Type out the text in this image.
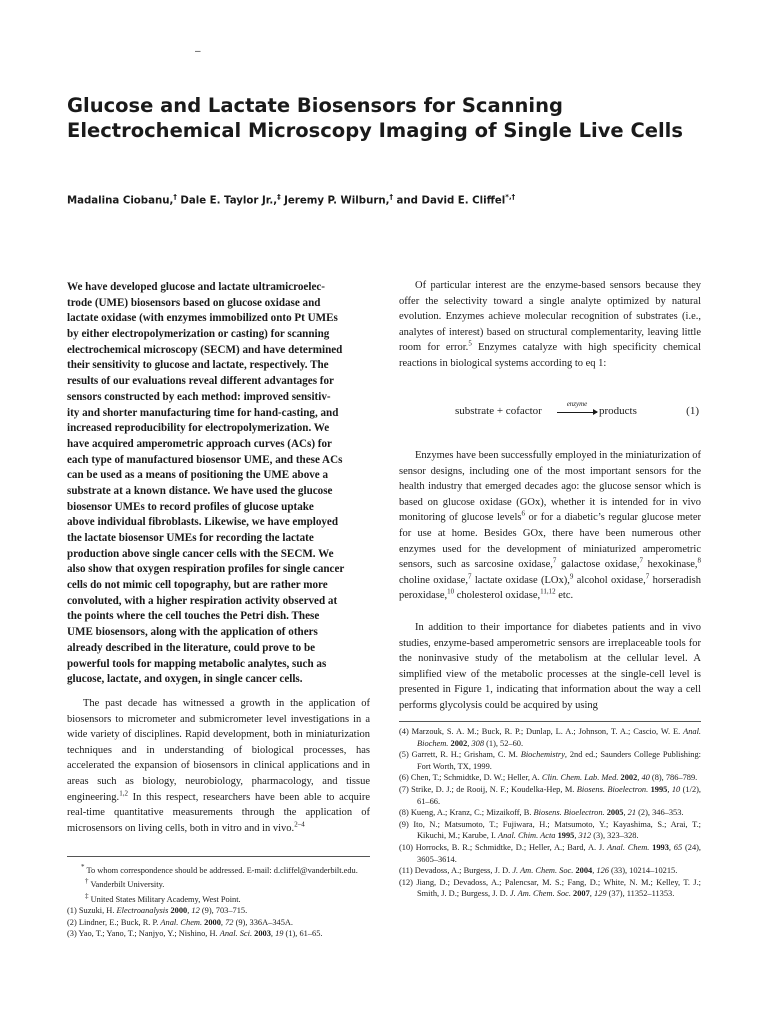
–
Glucose and Lactate Biosensors for Scanning Electrochemical Microscopy Imaging of Single Live Cells

Madalina Ciobanu,† Dale E. Taylor Jr.,‡ Jeremy P. Wilburn,† and David E. Cliffel*,†

We have developed glucose and lactate ultramicroelec-
trode (UME) biosensors based on glucose oxidase and
lactate oxidase (with enzymes immobilized onto Pt UMEs
by either electropolymerization or casting) for scanning
electrochemical microscopy (SECM) and have determined
their sensitivity to glucose and lactate, respectively. The
results of our evaluations reveal different advantages for
sensors constructed by each method: improved sensitiv-
ity and shorter manufacturing time for hand-casting, and
increased reproducibility for electropolymerization. We
have acquired amperometric approach curves (ACs) for
each type of manufactured biosensor UME, and these ACs
can be used as a means of positioning the UME above a
substrate at a known distance. We have used the glucose
biosensor UMEs to record profiles of glucose uptake
above individual fibroblasts. Likewise, we have employed
the lactate biosensor UMEs for recording the lactate
production above single cancer cells with the SECM. We
also show that oxygen respiration profiles for single cancer
cells do not mimic cell topography, but are rather more
convoluted, with a higher respiration activity observed at
the points where the cell touches the Petri dish. These
UME biosensors, along with the application of others
already described in the literature, could prove to be
powerful tools for mapping metabolic analytes, such as
glucose, lactate, and oxygen, in single cancer cells.

The past decade has witnessed a growth in the application of biosensors to micrometer and submicrometer level investigations in a wide variety of disciplines. Rapid development, both in miniaturization techniques and in understanding of biological processes, has accelerated the expansion of biosensors in clinical applications and in areas such as biology, neurobiology, pharmacology, and tissue engineering.$^{1,2}$ In this respect, researchers have been able to acquire real-time quantitative measurements through the application of microsensors on living cells, both in vitro and in vivo.$^{2-4}$

Of particular interest are the enzyme-based sensors because they offer the selectivity toward a single analyte optimized by natural evolution. Enzymes achieve molecular recognition of substrates (i.e., analytes of interest) based on structural complementarity, leaving little room for error.$^5$ Enzymes catalyze with high specificity chemical reactions in biological systems according to eq 1:

substrate + cofactor
enzyme
products	(1)

Enzymes have been successfully employed in the miniaturization of sensor designs, including one of the most important sensors for the health industry that emerged decades ago: the glucose sensor which is based on glucose oxidase (GOx), whether it is intended for in vivo monitoring of glucose levels$^6$ or for a diabetic’s regular glucose meter for use at home. Besides GOx, there have been numerous other enzymes used for the development of miniaturized amperometric sensors, such as sarcosine oxidase,$^7$ galactose oxidase,$^7$ hexokinase,$^8$ choline oxidase,$^7$ lactate oxidase (LOx),$^9$ alcohol oxidase,$^7$ horseradish peroxidase,$^{10}$ cholesterol oxidase,$^{11,12}$ etc.

In addition to their importance for diabetes patients and in vivo studies, enzyme-based amperometric sensors are irreplaceable tools for the noninvasive study of the metabolism at the cellular level. A simplified view of the metabolic processes at the single-cell level is presented in Figure 1, indicating that information about the way a cell performs glycolysis could be acquired by using

* To whom correspondence should be addressed. E-mail: d.cliffel@vanderbilt.edu.

† Vanderbilt University.

‡ United States Military Academy, West Point.

(1) Suzuki, H. Electroanalysis 2000, 12 (9), 703–715.

(2) Lindner, E.; Buck, R. P. Anal. Chem. 2000, 72 (9), 336A–345A.

(3) Yao, T.; Yano, T.; Nanjyo, Y.; Nishino, H. Anal. Sci. 2003, 19 (1), 61–65.

(4) Marzouk, S. A. M.; Buck, R. P.; Dunlap, L. A.; Johnson, T. A.; Cascio, W. E. Anal. Biochem. 2002, 308 (1), 52–60.

(5) Garrett, R. H.; Grisham, C. M. Biochemistry, 2nd ed.; Saunders College Publishing: Fort Worth, TX, 1999.

(6) Chen, T.; Schmidtke, D. W.; Heller, A. Clin. Chem. Lab. Med. 2002, 40 (8), 786–789.

(7) Strike, D. J.; de Rooij, N. F.; Koudelka-Hep, M. Biosens. Bioelectron. 1995, 10 (1/2), 61–66.

(8) Kueng, A.; Kranz, C.; Mizaikoff, B. Biosens. Bioelectron. 2005, 21 (2), 346–353.

(9) Ito, N.; Matsumoto, T.; Fujiwara, H.; Matsumoto, Y.; Kayashima, S.; Arai, T.; Kikuchi, M.; Karube, I. Anal. Chim. Acta 1995, 312 (3), 323–328.

(10) Horrocks, B. R.; Schmidtke, D.; Heller, A.; Bard, A. J. Anal. Chem. 1993, 65 (24), 3605–3614.

(11) Devadoss, A.; Burgess, J. D. J. Am. Chem. Soc. 2004, 126 (33), 10214–10215.

(12) Jiang, D.; Devadoss, A.; Palencsar, M. S.; Fang, D.; White, N. M.; Kelley, T. J.; Smith, J. D.; Burgess, J. D. J. Am. Chem. Soc. 2007, 129 (37), 11352–11353.
